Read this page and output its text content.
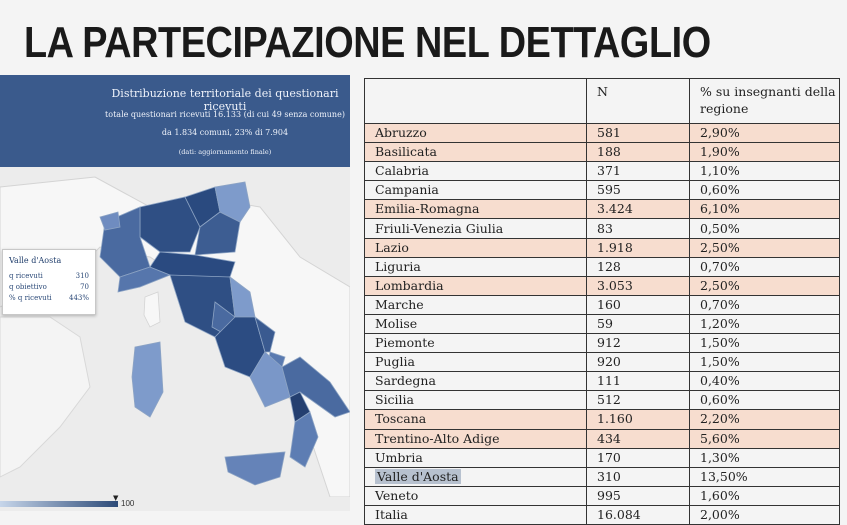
LA PARTECIPAZIONE NEL DETTAGLIO
Distribuzione territoriale dei questionari ricevuti
totale questionari ricevuti 16.133 (di cui 49 senza comune)
da 1.834 comuni, 23% di 7.904
(dati: aggiornamento finale)
Valle d'Aosta
q ricevuti	310
q obiettivo	70
% q ricevuti 443%
▼
100
	N	% su insegnanti della regione
Abruzzo	581	2,90%
Basilicata	188	1,90%
Calabria	371	1,10%
Campania	595	0,60%
Emilia-Romagna	3.424	6,10%
Friuli-Venezia Giulia	83	0,50%
Lazio	1.918	2,50%
Liguria	128	0,70%
Lombardia	3.053	2,50%
Marche	160	0,70%
Molise	59	1,20%
Piemonte	912	1,50%
Puglia	920	1,50%
Sardegna	111	0,40%
Sicilia	512	0,60%
Toscana	1.160	2,20%
Trentino-Alto Adige	434	5,60%
Umbria	170	1,30%
Valle d'Aosta	310	13,50%
Veneto	995	1,60%
Italia	16.084	2,00%
